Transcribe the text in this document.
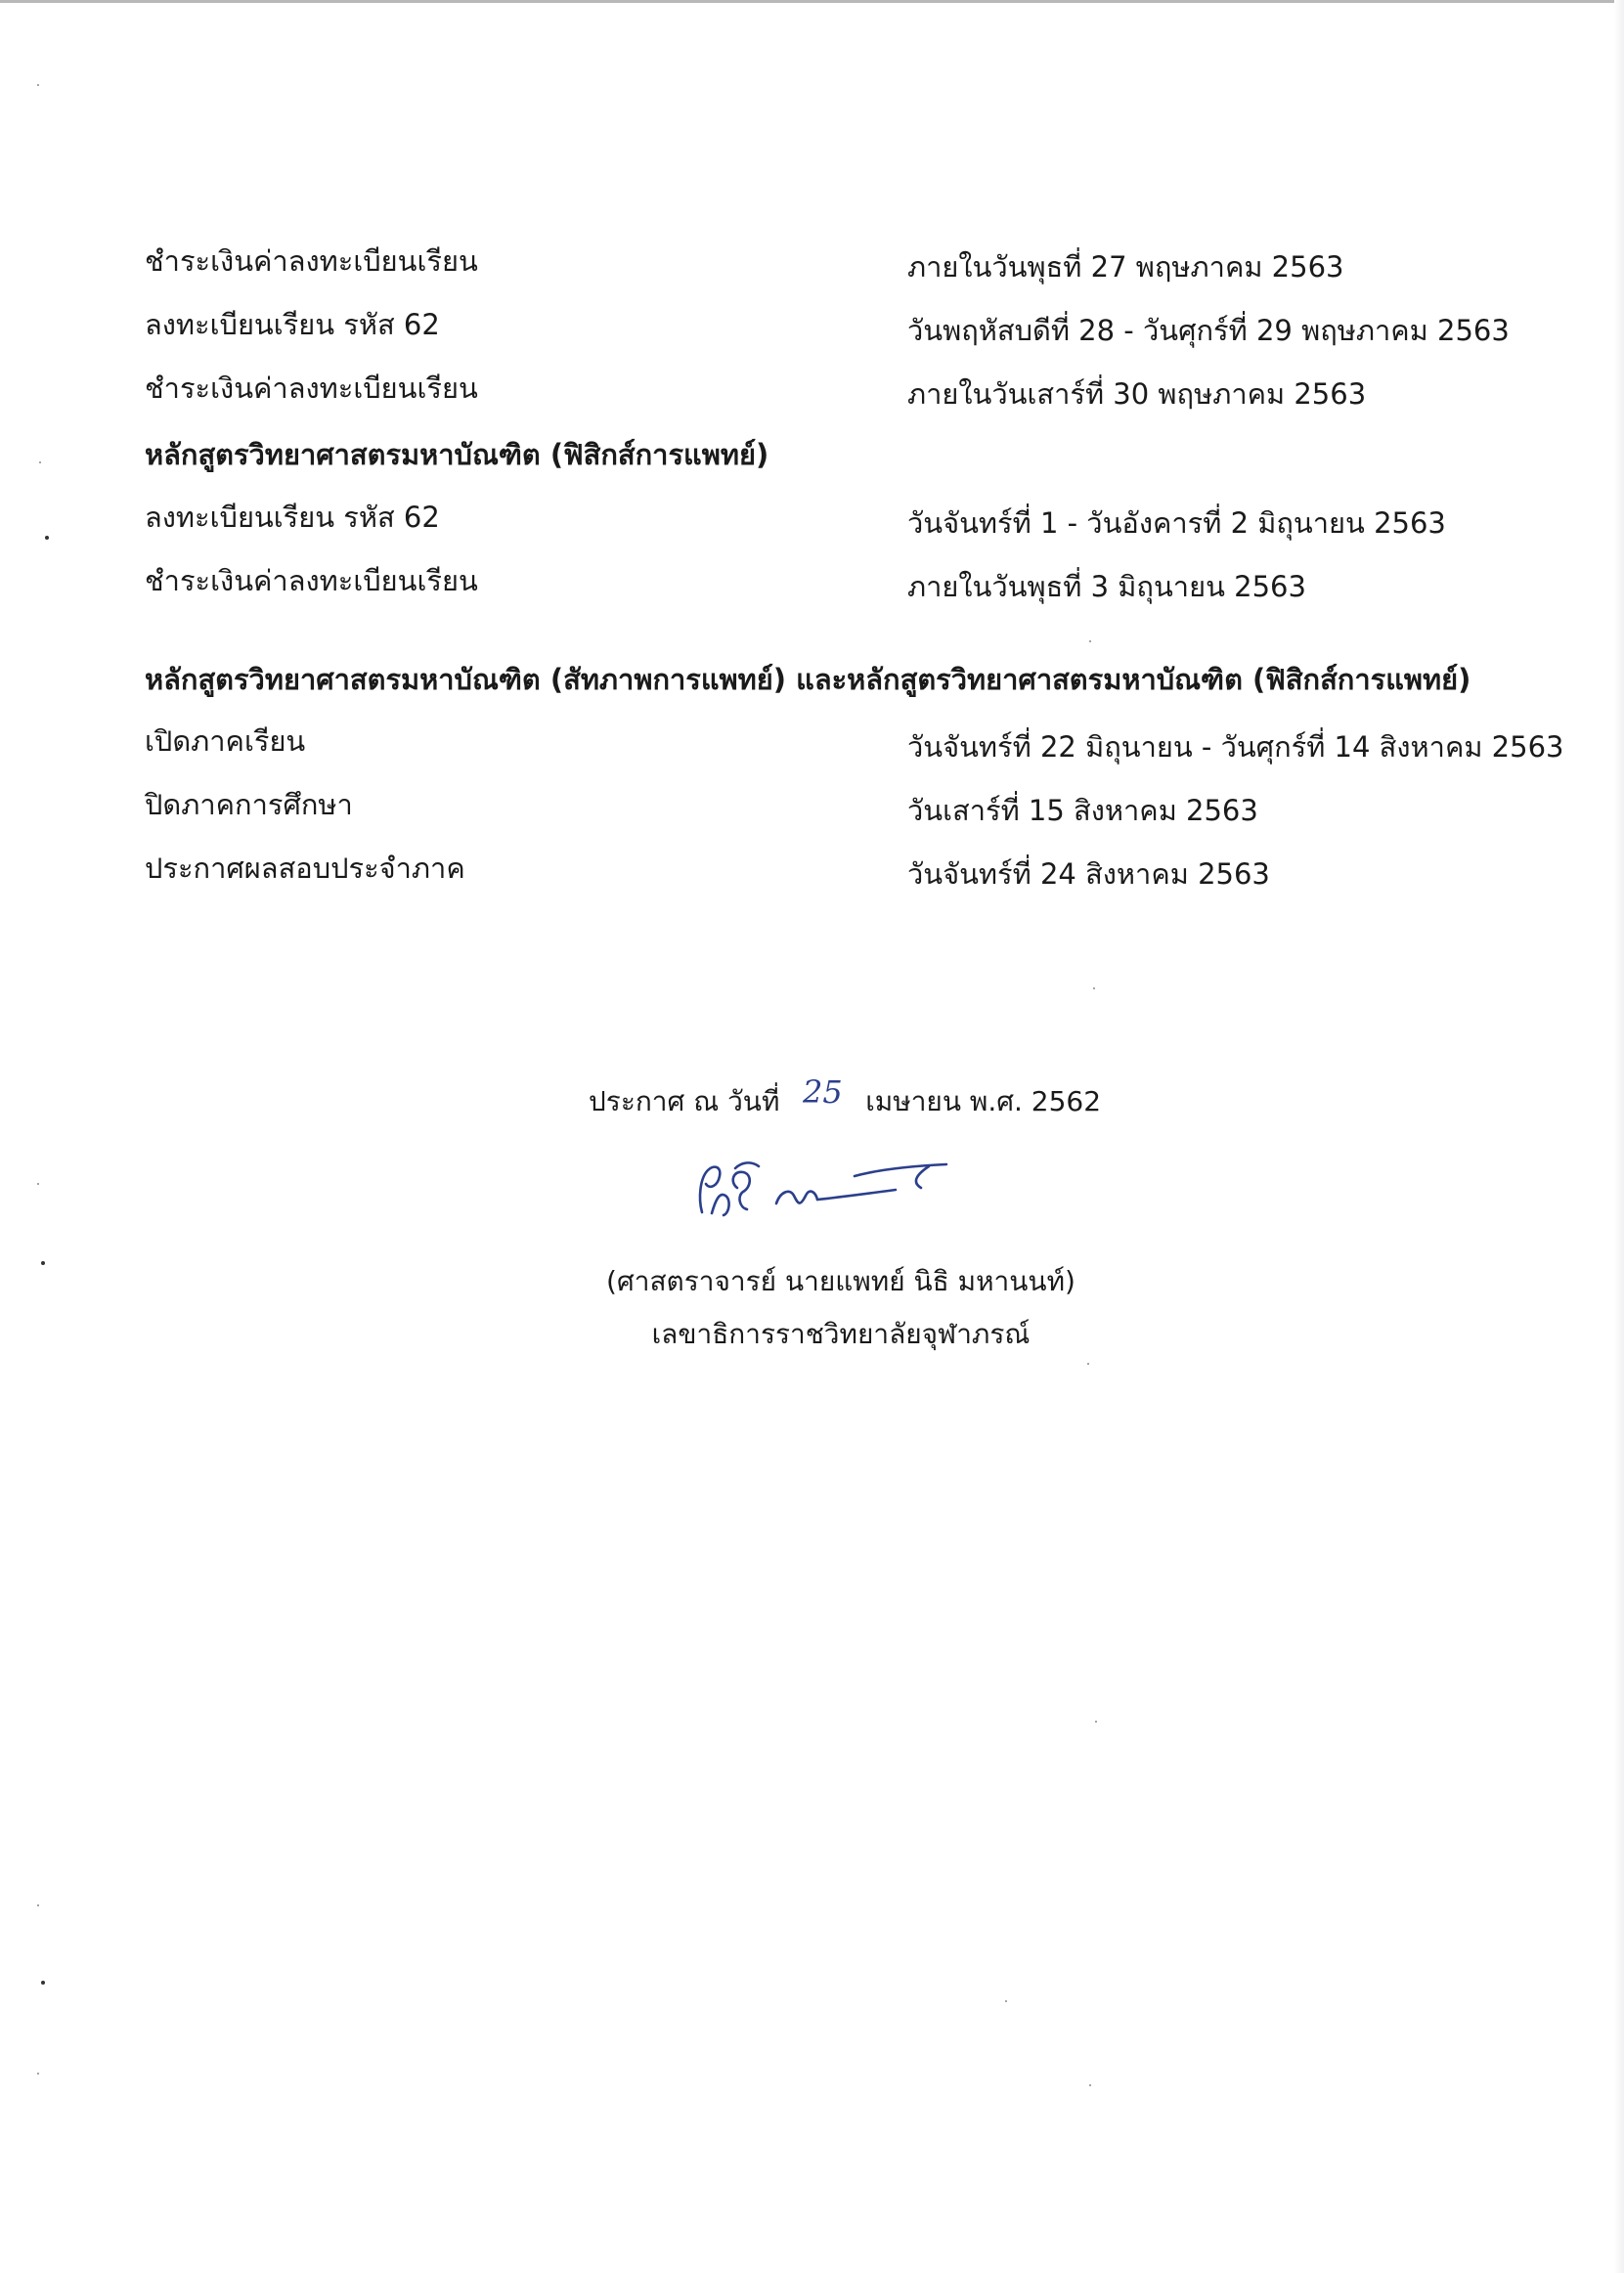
ชำระเงินค่าลงทะเบียนเรียน	ภายในวันพุธที่ 27 พฤษภาคม 2563
ลงทะเบียนเรียน รหัส 62	วันพฤหัสบดีที่ 28 - วันศุกร์ที่ 29 พฤษภาคม 2563
ชำระเงินค่าลงทะเบียนเรียน	ภายในวันเสาร์ที่ 30 พฤษภาคม 2563
หลักสูตรวิทยาศาสตรมหาบัณฑิต (ฟิสิกส์การแพทย์)
ลงทะเบียนเรียน รหัส 62	วันจันทร์ที่ 1 - วันอังคารที่ 2 มิถุนายน 2563
ชำระเงินค่าลงทะเบียนเรียน	ภายในวันพุธที่ 3 มิถุนายน 2563
หลักสูตรวิทยาศาสตรมหาบัณฑิต (สัทภาพการแพทย์) และหลักสูตรวิทยาศาสตรมหาบัณฑิต (ฟิสิกส์การแพทย์)
เปิดภาคเรียน	วันจันทร์ที่ 22 มิถุนายน - วันศุกร์ที่ 14 สิงหาคม 2563
ปิดภาคการศึกษา	วันเสาร์ที่ 15 สิงหาคม 2563
ประกาศผลสอบประจำภาค	วันจันทร์ที่ 24 สิงหาคม 2563
ประกาศ ณ วันที่ 25 เมษายน พ.ศ. 2562
(ศาสตราจารย์ นายแพทย์ นิธิ มหานนท์)
เลขาธิการราชวิทยาลัยจุฬาภรณ์
